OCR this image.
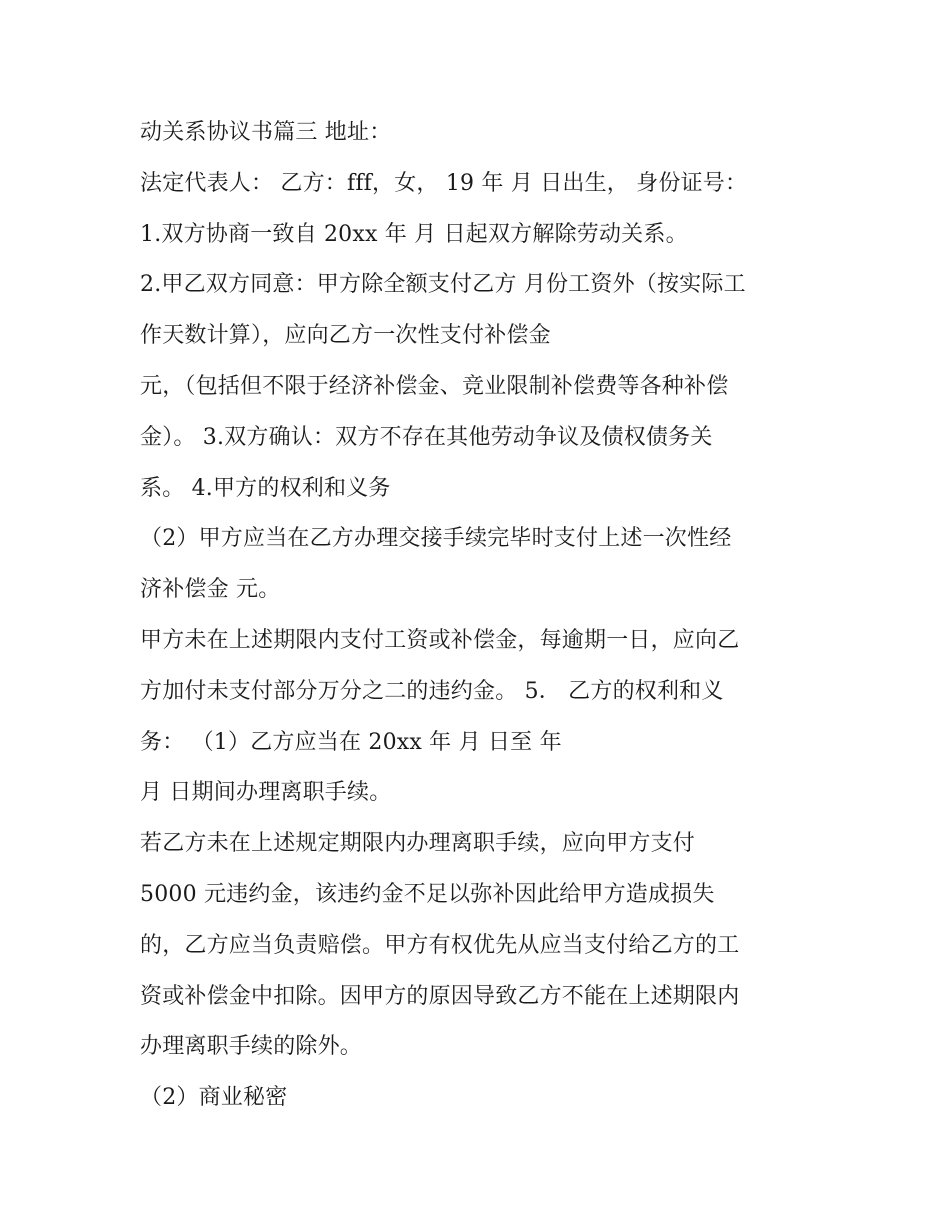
动关系协议书篇三 地址：
法定代表人： 乙方：fff，女， 19 年 月 日出生， 身份证号：
1.双方协商一致自 20xx 年 月 日起双方解除劳动关系。
2.甲乙双方同意：甲方除全额支付乙方 月份工资外（按实际工
作天数计算），应向乙方一次性支付补偿金
元，（包括但不限于经济补偿金、竞业限制补偿费等各种补偿
金）。 3.双方确认：双方不存在其他劳动争议及债权债务关
系。 4.甲方的权利和义务
（2）甲方应当在乙方办理交接手续完毕时支付上述一次性经
济补偿金 元。
甲方未在上述期限内支付工资或补偿金，每逾期一日，应向乙
方加付未支付部分万分之二的违约金。 5． 乙方的权利和义
务： （1）乙方应当在 20xx 年 月 日至 年
月 日期间办理离职手续。
若乙方未在上述规定期限内办理离职手续，应向甲方支付
5000 元违约金，该违约金不足以弥补因此给甲方造成损失
的，乙方应当负责赔偿。甲方有权优先从应当支付给乙方的工
资或补偿金中扣除。因甲方的原因导致乙方不能在上述期限内
办理离职手续的除外。
（2）商业秘密
